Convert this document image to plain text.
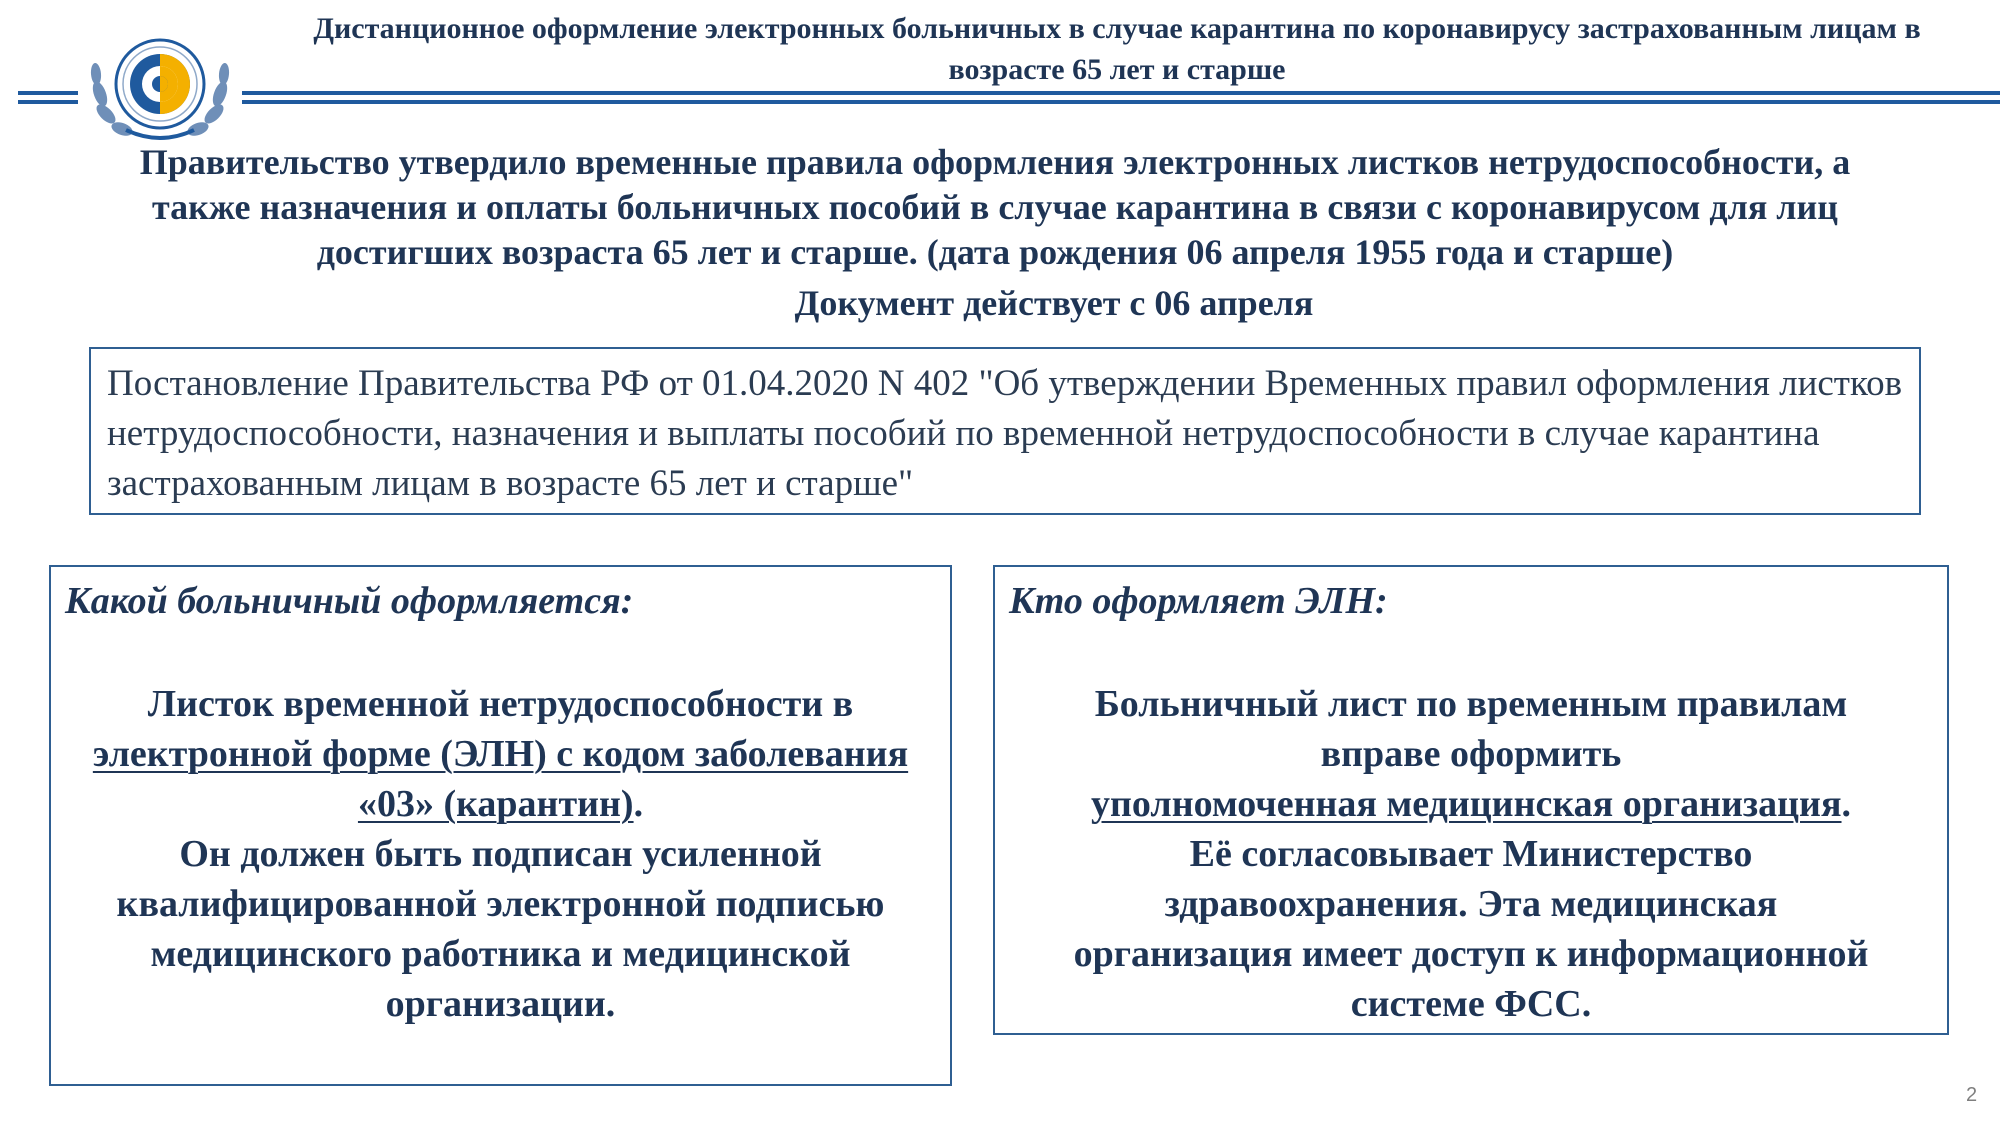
Дистанционное оформление электронных больничных в случае карантина по коронавирусу застрахованным лицам в возрасте 65 лет и старше
Правительство утвердило временные правила оформления электронных листков нетрудоспособности, а также назначения и оплаты больничных пособий в случае карантина в связи с коронавирусом для лиц достигших возраста 65 лет и старше. (дата рождения 06 апреля 1955 года и старше)
Документ действует с 06 апреля
Постановление Правительства РФ от 01.04.2020 N 402 "Об утверждении Временных правил оформления листков нетрудоспособности, назначения и выплаты пособий по временной нетрудоспособности в случае карантина застрахованным лицам в возрасте 65 лет и старше"
Какой больничный оформляется:
Листок временной нетрудоспособности в электронной форме (ЭЛН) с кодом заболевания «03» (карантин).
Он должен быть подписан усиленной квалифицированной электронной подписью медицинского работника и медицинской организации.
Кто оформляет ЭЛН:
Больничный лист по временным правилам вправе оформить
уполномоченная медицинская организация.
Её согласовывает Министерство здравоохранения. Эта медицинская организация имеет доступ к информационной системе ФСС.
2
